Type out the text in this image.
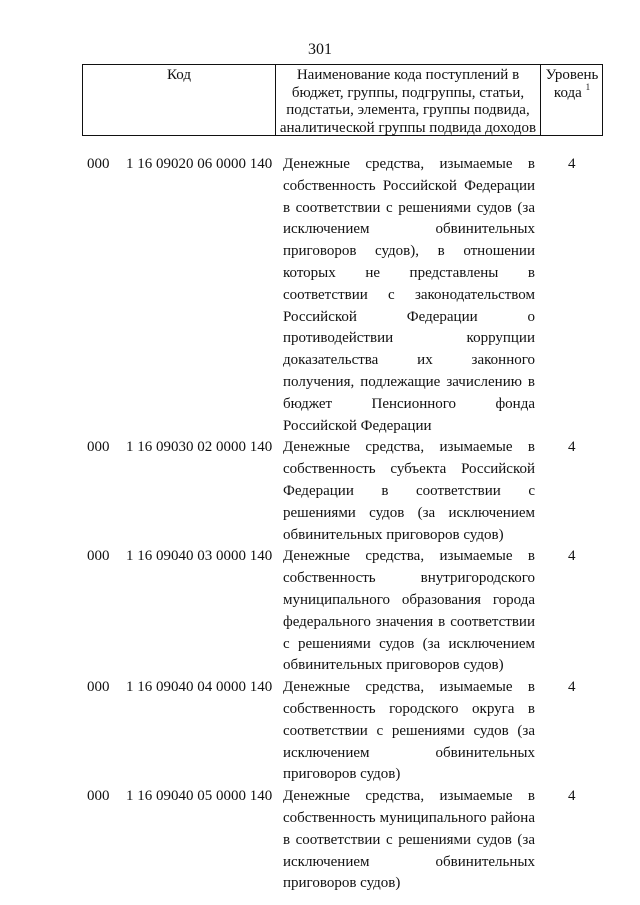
301
Код	Наименование кода поступлений в
бюджет, группы, подгруппы, статьи,
подстатьи, элемента, группы подвида,
аналитической группы подвида доходов
Уровень
кода $^1$
000 1 16 09020 06 0000 140 Денежные средства, изымаемые в собственность Российской Федерации в соответствии с решениями судов (за исключением обвинительных приговоров судов), в отношении которых не представлены в соответствии с законодательством Российской Федерации о противодействии коррупции доказательства их законного получения, подлежащие зачислению в бюджет Пенсионного фонда Российской Федерации
4
000 1 16 09030 02 0000 140 Денежные средства, изымаемые в собственность субъекта Российской Федерации в соответствии с решениями судов (за исключением обвинительных приговоров судов)
4
000 1 16 09040 03 0000 140 Денежные средства, изымаемые в собственность внутригородского муниципального образования города федерального значения в соответствии с решениями судов (за исключением обвинительных приговоров судов)
4
000 1 16 09040 04 0000 140 Денежные средства, изымаемые в собственность городского округа в соответствии с решениями судов (за исключением обвинительных приговоров судов)
4
000 1 16 09040 05 0000 140 Денежные средства, изымаемые в собственность муниципального района в соответствии с решениями судов (за исключением обвинительных приговоров судов)
4
